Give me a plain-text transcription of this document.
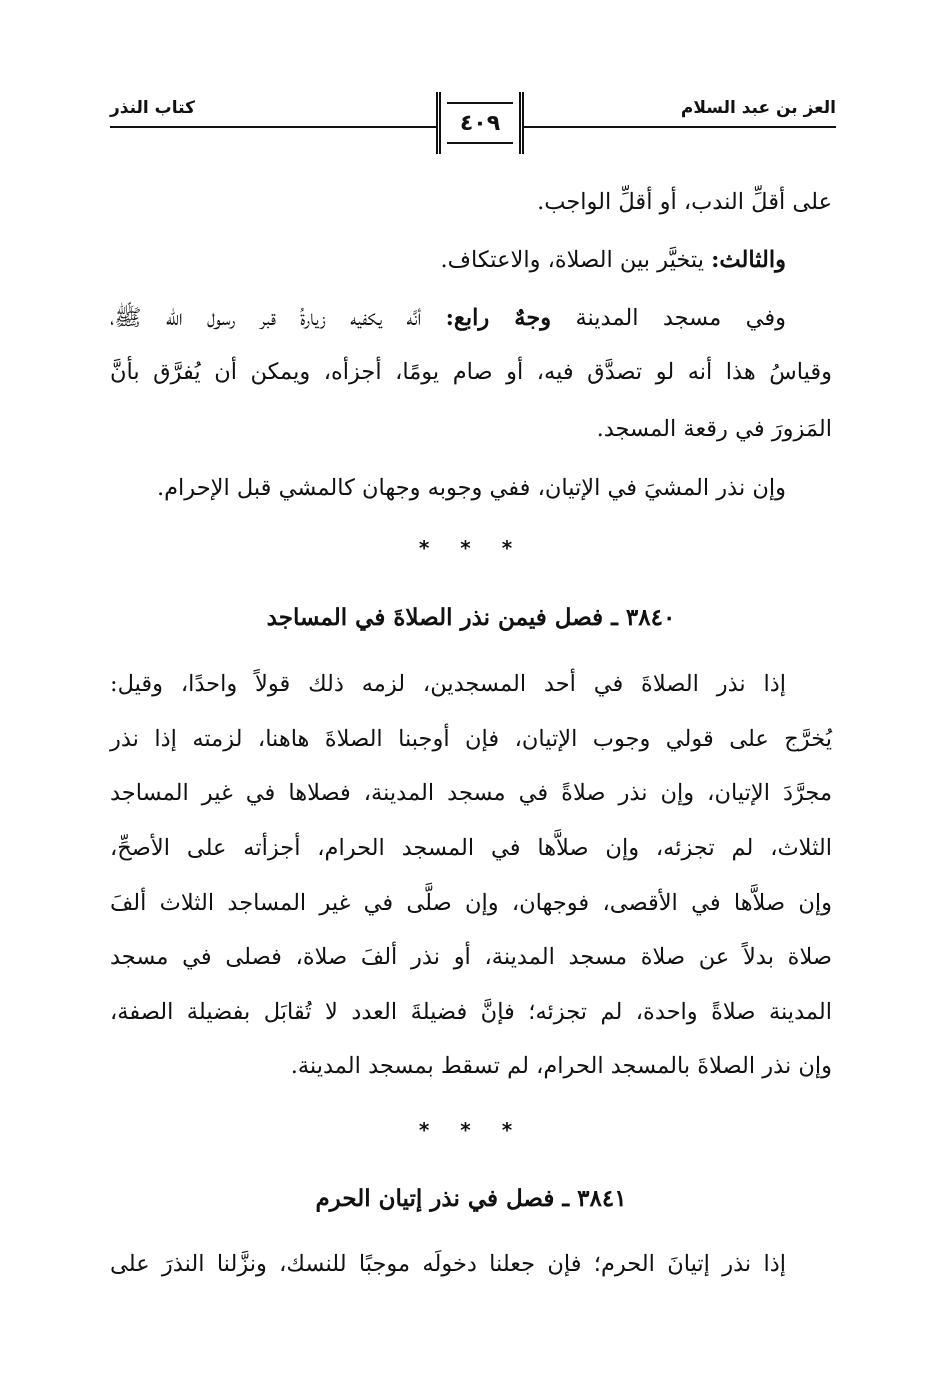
العز بن عبد السلام
كتاب النذر
٤٠٩
على أقلِّ الندب، أو أقلِّ الواجب.
والثالث: يتخيَّر بين الصلاة، والاعتكاف.
وفي مسجد المدينة وجهٌ رابع: أنَّه يكفيه زيارةُ قبر رسول الله ﷺ،
وقياسُ هذا أنه لو تصدَّق فيه، أو صام يومًا، أجزأه، ويمكن أن يُفرَّق بأنَّ
المَزورَ في رقعة المسجد.
وإن نذر المشيَ في الإتيان، ففي وجوبه وجهان كالمشي قبل الإحرام.
* * *
٣٨٤٠ ـ فصل فيمن نذر الصلاةَ في المساجد
إذا نذر الصلاةَ في أحد المسجدين، لزمه ذلك قولاً واحدًا، وقيل:
يُخرَّج على قولي وجوب الإتيان، فإن أوجبنا الصلاةَ هاهنا، لزمته إذا نذر
مجرَّدَ الإتيان، وإن نذر صلاةً في مسجد المدينة، فصلاها في غير المساجد
الثلاث، لم تجزئه، وإن صلاَّها في المسجد الحرام، أجزأته على الأصحِّ،
وإن صلاَّها في الأقصى، فوجهان، وإن صلَّى في غير المساجد الثلاث ألفَ
صلاة بدلاً عن صلاة مسجد المدينة، أو نذر ألفَ صلاة، فصلى في مسجد
المدينة صلاةً واحدة، لم تجزئه؛ فإنَّ فضيلةَ العدد لا تُقابَل بفضيلة الصفة،
وإن نذر الصلاةَ بالمسجد الحرام، لم تسقط بمسجد المدينة.
* * *
٣٨٤١ ـ فصل في نذر إتيان الحرم
إذا نذر إتيانَ الحرم؛ فإن جعلنا دخولَه موجبًا للنسك، ونزَّلنا النذرَ على
